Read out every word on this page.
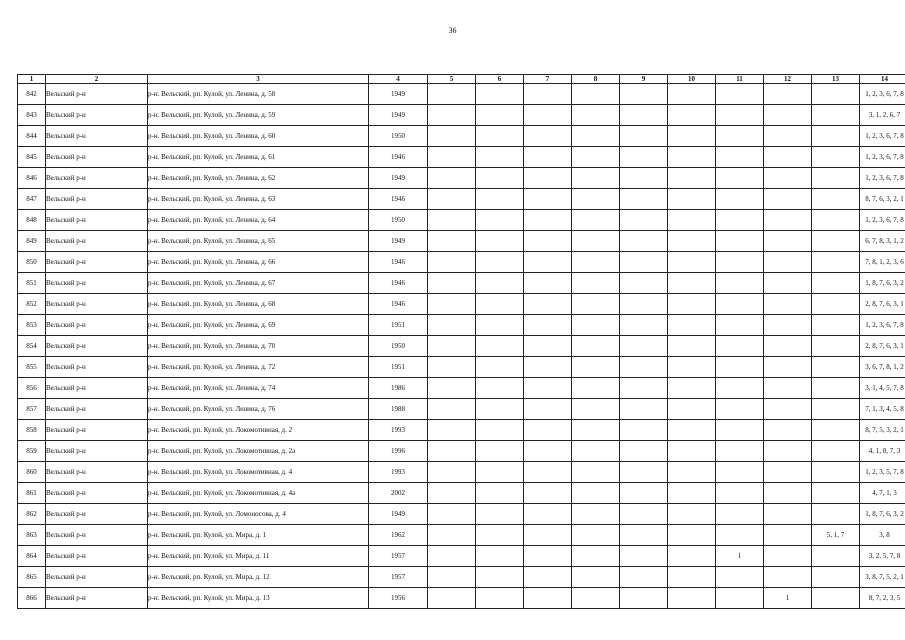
36
1	2	3	4	5	6	7	8	9	10	11	12	13	14
842	Вельский р-н	р-н. Вельский, рп. Кулой, ул. Ленина, д. 58	1949										1, 2, 3, 6, 7, 8
843	Вельский р-н	р-н. Вельский, рп. Кулой, ул. Ленина, д. 59	1949										3, 1, 2, 6, 7
844	Вельский р-н	р-н. Вельский, рп. Кулой, ул. Ленина, д. 60	1950										1, 2, 3, 6, 7, 8
845	Вельский р-н	р-н. Вельский, рп. Кулой, ул. Ленина, д. 61	1946										1, 2, 3, 6, 7, 8
846	Вельский р-н	р-н. Вельский, рп. Кулой, ул. Ленина, д. 62	1949										1, 2, 3, 6, 7, 8
847	Вельский р-н	р-н. Вельский, рп. Кулой, ул. Ленина, д. 63	1946										8, 7, 6, 3, 2, 1
848	Вельский р-н	р-н. Вельский, рп. Кулой, ул. Ленина, д. 64	1950										1, 2, 3, 6, 7, 8
849	Вельский р-н	р-н. Вельский, рп. Кулой, ул. Ленина, д. 65	1949										6, 7, 8, 3, 1, 2
850	Вельский р-н	р-н. Вельский, рп. Кулой, ул. Ленина, д. 66	1946										7, 8, 1, 2, 3, 6
851	Вельский р-н	р-н. Вельский, рп. Кулой, ул. Ленина, д. 67	1946										1, 8, 7, 6, 3, 2
852	Вельский р-н	р-н. Вельский, рп. Кулой, ул. Ленина, д. 68	1946										2, 8, 7, 6, 3, 1
853	Вельский р-н	р-н. Вельский, рп. Кулой, ул. Ленина, д. 69	1951										1, 2, 3, 6, 7, 8
854	Вельский р-н	р-н. Вельский, рп. Кулой, ул. Ленина, д. 70	1950										2, 8, 7, 6, 3, 1
855	Вельский р-н	р-н. Вельский, рп. Кулой, ул. Ленина, д. 72	1951										3, 6, 7, 8, 1, 2
856	Вельский р-н	р-н. Вельский, рп. Кулой, ул. Ленина, д. 74	1986										3, 1, 4, 5, 7, 8
857	Вельский р-н	р-н. Вельский, рп. Кулой, ул. Ленина, д. 76	1988										7, 1, 3, 4, 5, 8
858	Вельский р-н	р-н. Вельский, рп. Кулой, ул. Локомотивная, д. 2	1993										8, 7, 5, 3, 2, 1
859	Вельский р-н	р-н. Вельский, рп. Кулой, ул. Локомотивная, д. 2а	1996										4, 1, 8, 7, 3
860	Вельский р-н	р-н. Вельский, рп. Кулой, ул. Локомотивная, д. 4	1993										1, 2, 3, 5, 7, 8
861	Вельский р-н	р-н. Вельский, рп. Кулой, ул. Локомотивная, д. 4а	2002										4, 7, 1, 3
862	Вельский р-н	р-н. Вельский, рп. Кулой, ул. Ломоносова, д. 4	1949										1, 8, 7, 6, 3, 2
863	Вельский р-н	р-н. Вельский, рп. Кулой, ул. Мира, д. 1	1962									5, 1, 7	3, 8
864	Вельский р-н	р-н. Вельский, рп. Кулой, ул. Мира, д. 11	1957							1			3, 2, 5, 7, 8
865	Вельский р-н	р-н. Вельский, рп. Кулой, ул. Мира, д. 12	1957										3, 8, 7, 5, 2, 1
866	Вельский р-н	р-н. Вельский, рп. Кулой, ул. Мира, д. 13	1956								1		8, 7, 2, 3, 5
